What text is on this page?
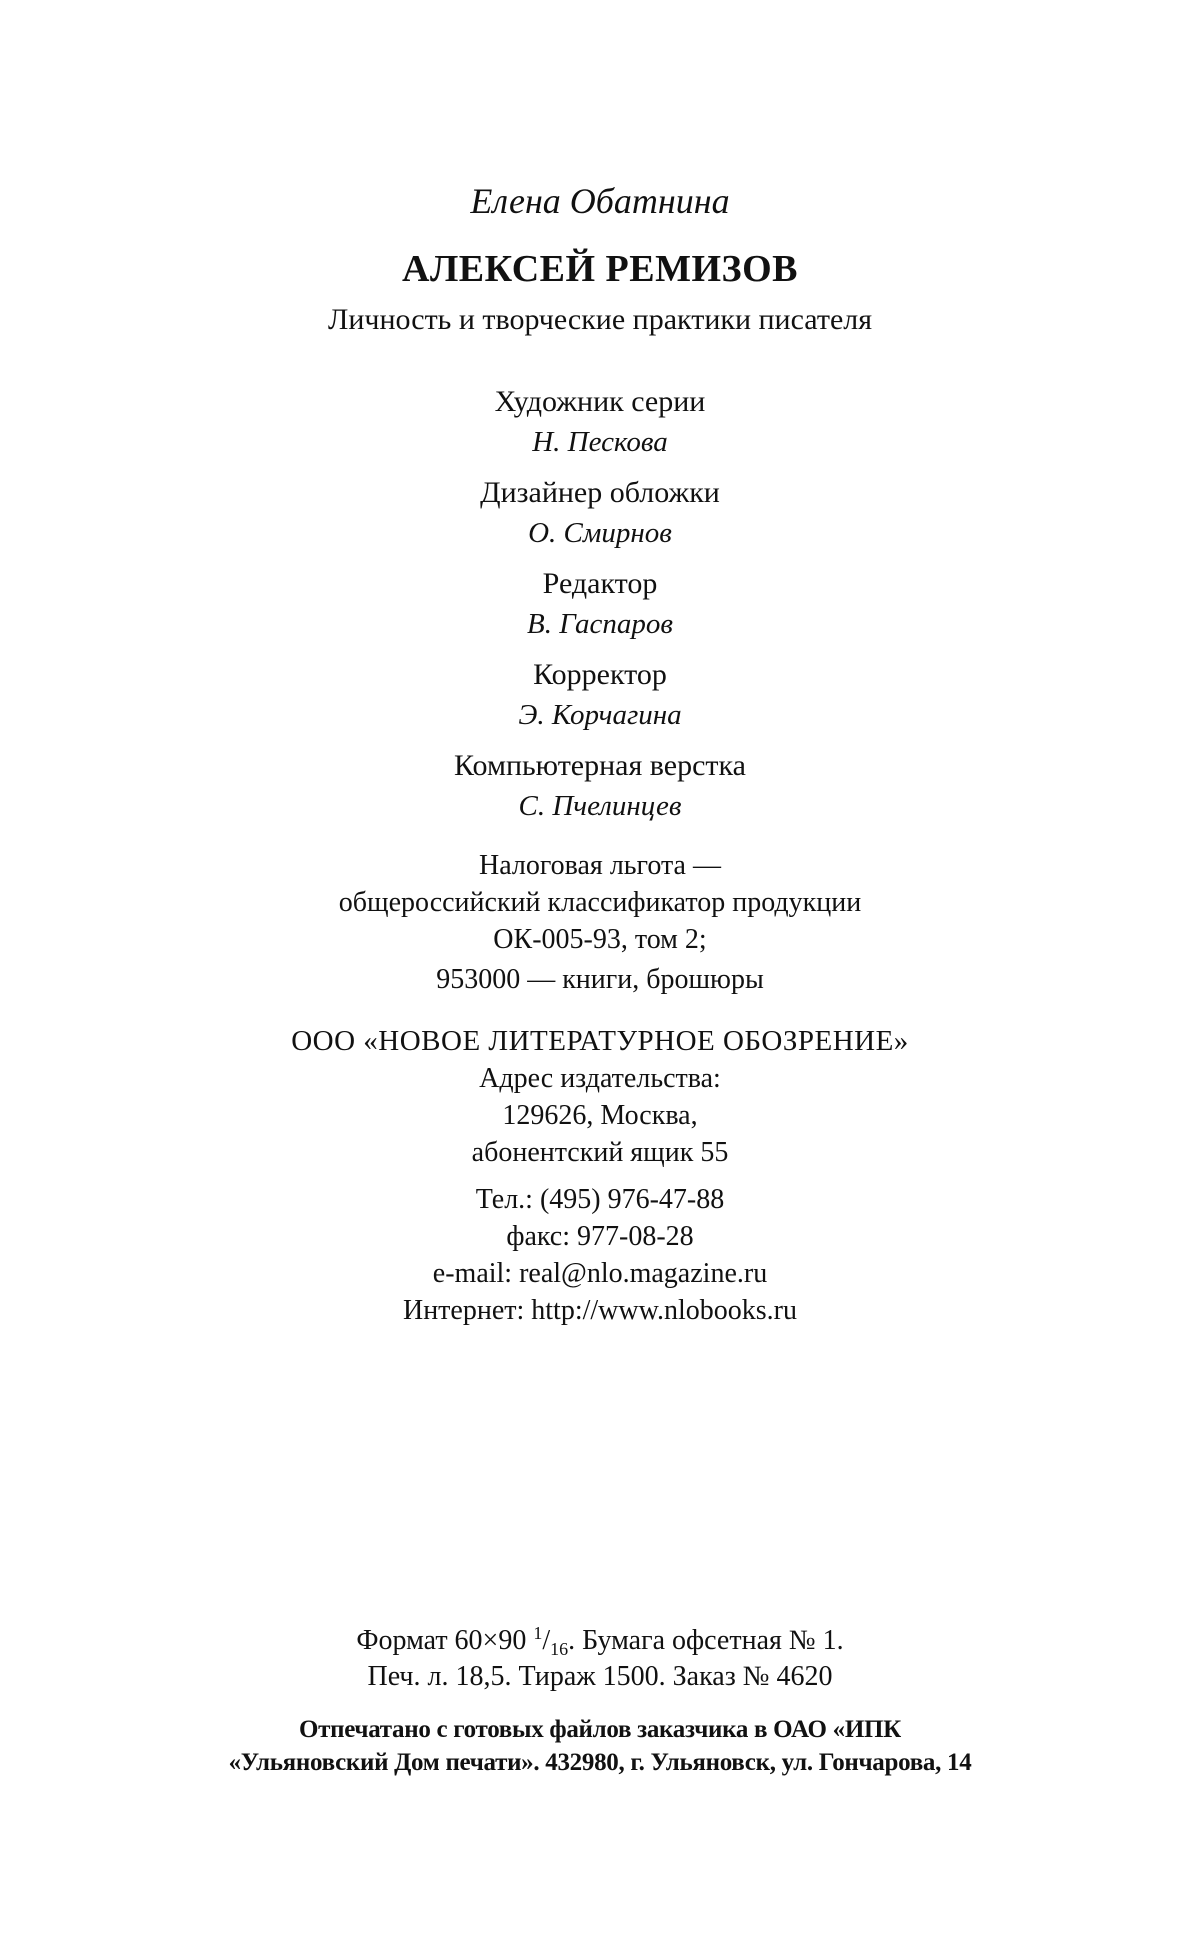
Елена Обатнина
АЛЕКСЕЙ РЕМИЗОВ
Личность и творческие практики писателя
Художник серии
Н. Пескова
Дизайнер обложки
О. Смирнов
Редактор
В. Гаспаров
Корректор
Э. Корчагина
Компьютерная верстка
С. Пчелинцев
Налоговая льгота —
общероссийский классификатор продукции
ОК-005-93, том 2;
953000 — книги, брошюры
ООО «НОВОЕ ЛИТЕРАТУРНОЕ ОБОЗРЕНИЕ»
Адрес издательства:
129626, Москва,
абонентский ящик 55
Тел.: (495) 976-47-88
факс: 977-08-28
e-mail: real@nlo.magazine.ru
Интернет: http://www.nlobooks.ru
Формат 60×90 $^1/_{16}$. Бумага офсетная № 1.
Печ. л. 18,5. Тираж 1500. Заказ № 4620
Отпечатано с готовых файлов заказчика в ОАО «ИПК
«Ульяновский Дом печати». 432980, г. Ульяновск, ул. Гончарова, 14
